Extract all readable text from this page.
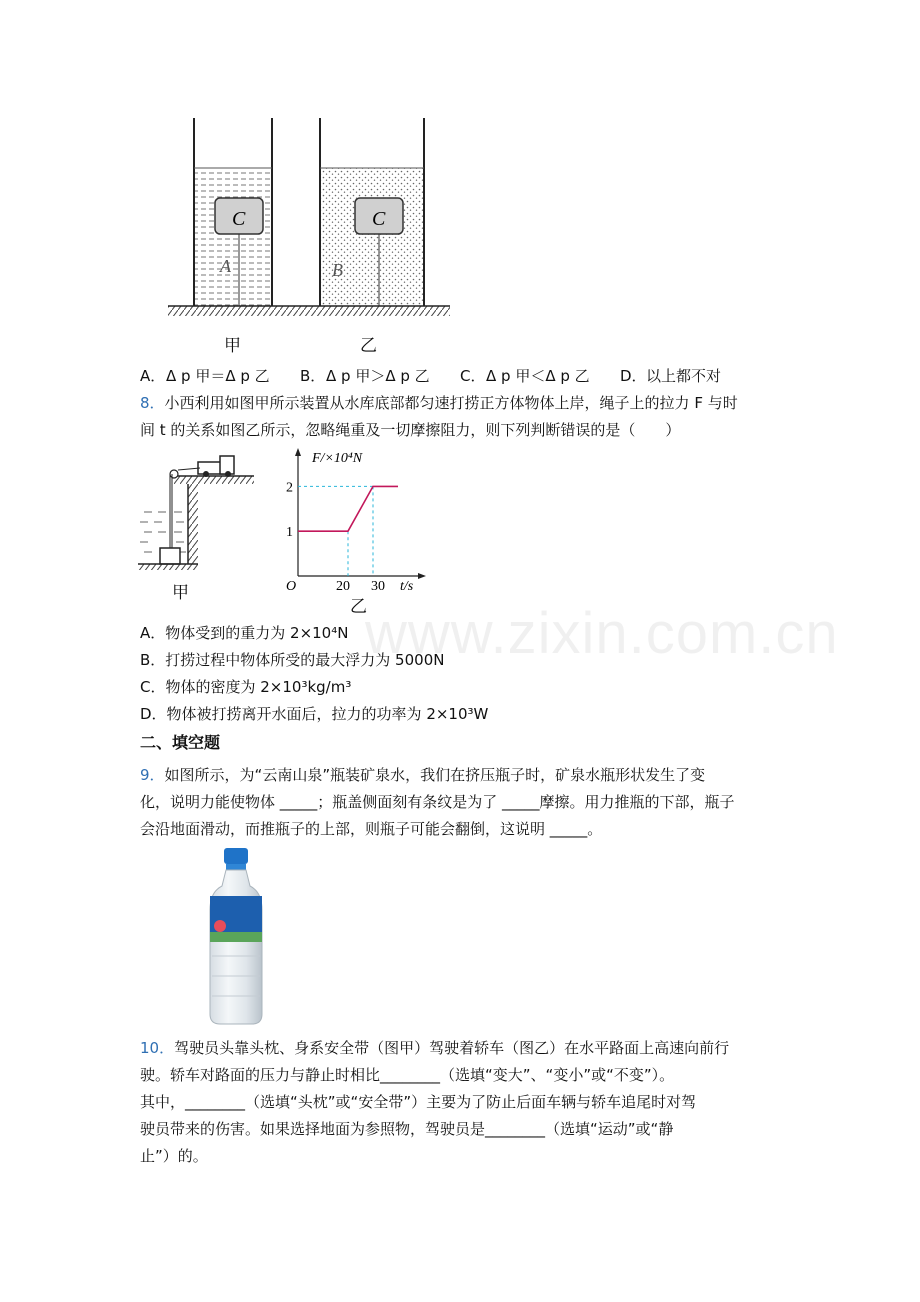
C
A
C
B
甲	乙
A． Δ p 甲＝Δ p 乙 B． Δ p 甲＞Δ p 乙 C． Δ p 甲＜Δ p 乙 D． 以上都不对
8．小西利用如图甲所示装置从水库底部都匀速打捞正方体物体上岸，绳子上的拉力 F 与时
间 t 的关系如图乙所示，忽略绳重及一切摩擦阻力，则下列判断错误的是（　　）
甲
F/×10⁴N
t/s
O
1
2
20 30
乙
www.zixin.com.cn
A．物体受到的重力为 2×10⁴N
B．打捞过程中物体所受的最大浮力为 5000N
C．物体的密度为 2×10³kg/m³
D．物体被打捞离开水面后，拉力的功率为 2×10³W
二、填空题
9．如图所示，为“云南山泉”瓶装矿泉水，我们在挤压瓶子时，矿泉水瓶形状发生了变
化，说明力能使物体 _____；瓶盖侧面刻有条纹是为了 _____摩擦。用力推瓶的下部，瓶子
会沿地面滑动，而推瓶子的上部，则瓶子可能会翻倒，这说明 _____。
10．驾驶员头靠头枕、身系安全带（图甲）驾驶着轿车（图乙）在水平路面上高速向前行
驶。轿车对路面的压力与静止时相比________（选填“变大”、“变小”或“不变”）。
其中，________（选填“头枕”或“安全带”）主要为了防止后面车辆与轿车追尾时对驾
驶员带来的伤害。如果选择地面为参照物，驾驶员是________（选填“运动”或“静
止”）的。
